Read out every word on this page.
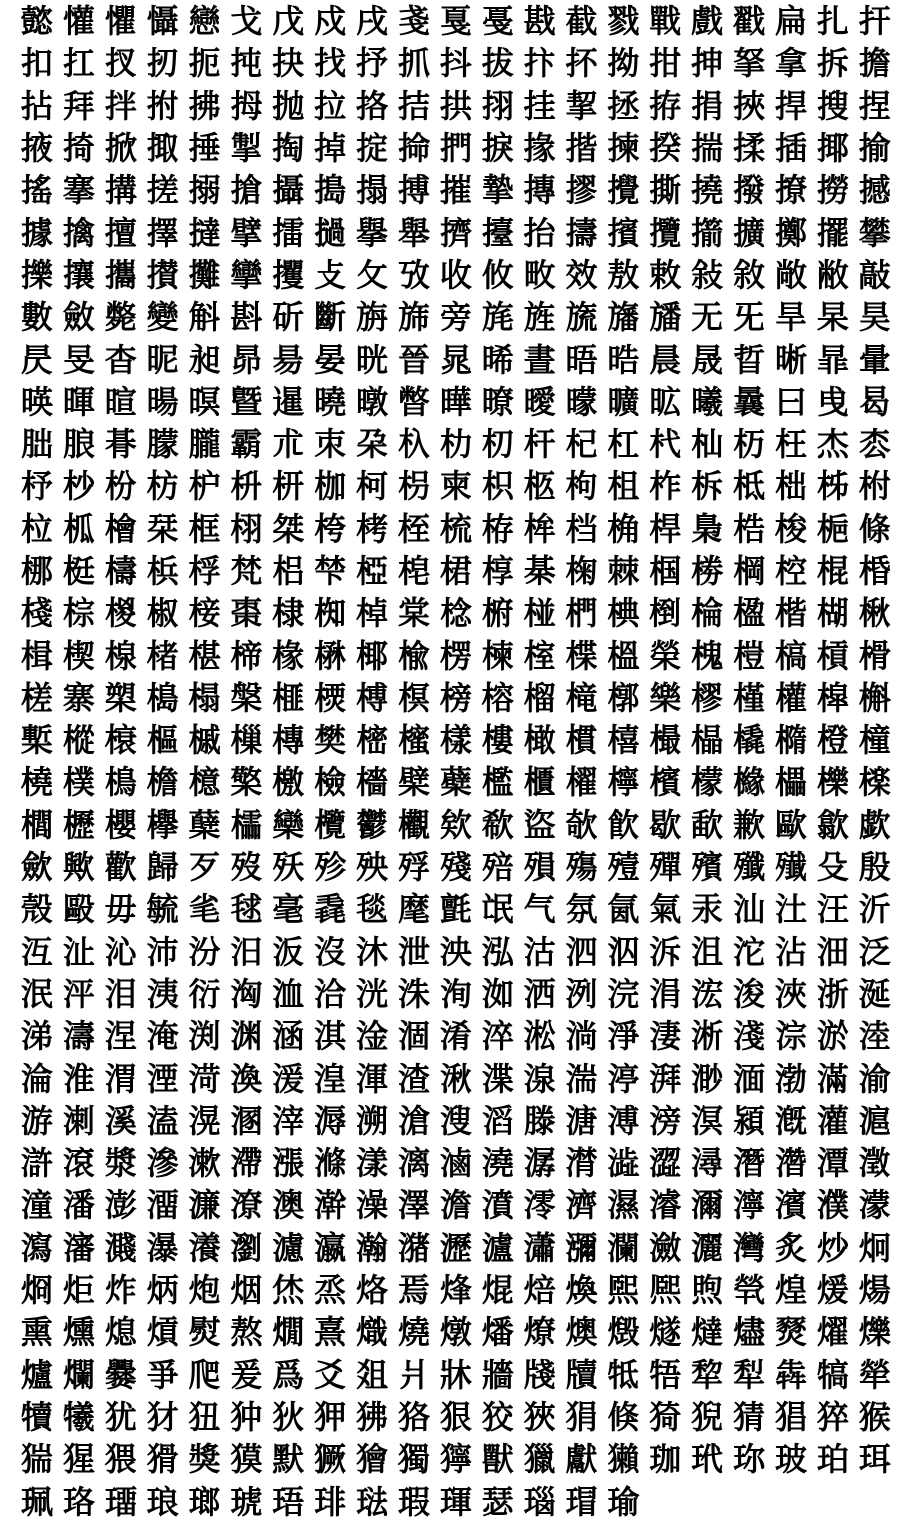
懿 懽 懼 懾 戀 戈 戊 戍 戌 戔 戛 戞 戡 截 戮 戰 戲 戳 扁 扎 扞
扣 扛 扠 扨 扼 扽 抉 找 抒 抓 抖 拔 抃 抔 拗 拑 抻 拏 拿 拆 擔
拈 拜 拌 拊 拂 拇 抛 拉 挌 拮 拱 挧 挂 挈 拯 拵 捐 挾 捍 搜 捏
掖 掎 掀 掫 捶 掣 掏 掉 掟 掵 捫 捩 掾 揩 揀 揆 揣 揉 插 揶 揄
搖 搴 搆 搓 搦 搶 攝 搗 搨 搏 摧 摯 摶 摎 攪 撕 撓 撥 撩 撈 撼
據 擒 擅 擇 撻 擘 擂 撾 擧 舉 擠 擡 抬 擣 擯 攬 擶 擴 擲 擺 攀
擽 攘 攜 攅 攤 攣 攫 攴 攵 攷 收 攸 畋 效 敖 敕 敍 敘 敞 敝 敲
數 斂 斃 變 斛 斟 斫 斷 旃 旆 旁 旄 旌 旒 旛 旙 无 旡 旱 杲 昊
昃 旻 杳 昵 昶 昴 昜 晏 晄 晉 晁 晞 晝 晤 晧 晨 晟 晢 晰 暃 暈
暎 暉 暄 暘 暝 曁 暹 曉 暾 暼 曄 暸 曖 曚 曠 昿 曦 曩 曰 曵 曷
朏 朖 朞 朦 朧 霸 朮 朿 朶 杁 朸 朷 杆 杞 杠 杙 杣 杤 枉 杰 枩
杼 杪 枌 枋 枦 枡 枅 枷 柯 枴 柬 枳 柩 枸 柤 柞 柝 柢 柮 柹 柎
柆 柧 檜 栞 框 栩 桀 桍 栲 桎 梳 栫 桙 档 桷 桿 梟 梏 梭 梔 條
梛 梃 檮 梹 桴 梵 梠 梺 椏 梍 桾 椁 棊 椈 棘 椢 椦 棡 椌 棍 棔
棧 棕 椶 椒 椄 棗 棣 椥 棹 棠 棯 椨 椪 椚 椣 椡 棆 楹 楷 楜 楸
楫 楔 楾 楮 椹 楴 椽 楙 椰 楡 楞 楝 榁 楪 榲 榮 槐 榿 槁 槓 榾
槎 寨 槊 槝 榻 槃 榧 樮 榑 榠 榜 榕 榴 槞 槨 樂 樛 槿 權 槹 槲
槧 樅 榱 樞 槭 樔 槫 樊 樒 櫁 樣 樓 橄 樌 橲 樶 橸 橇 橢 橙 橦
橈 樸 樢 檐 檍 檠 檄 檢 檣 檗 蘗 檻 櫃 櫂 檸 檳 檬 櫞 櫑 櫟 檪
櫚 櫪 櫻 欅 蘖 櫺 欒 欖 鬱 欟 欸 欷 盜 欹 飮 歇 歃 歉 歐 歙 歔
歛 歟 歡 歸 歹 歿 殀 殄 殃 殍 殘 殕 殞 殤 殪 殫 殯 殲 殱 殳 殷
殼 毆 毋 毓 毟 毬 毫 毳 毯 麾 氈 氓 气 氛 氤 氣 汞 汕 汢 汪 沂
沍 沚 沁 沛 汾 汨 汳 沒 沐 泄 泱 泓 沽 泗 泅 泝 沮 沱 沾 沺 泛
泯 泙 泪 洟 衍 洶 洫 洽 洸 洙 洵 洳 洒 洌 浣 涓 浤 浚 浹 浙 涎
涕 濤 涅 淹 渕 渊 涵 淇 淦 涸 淆 淬 淞 淌 淨 淒 淅 淺 淙 淤 淕
淪 淮 渭 湮 渮 渙 湲 湟 渾 渣 湫 渫 湶 湍 渟 湃 渺 湎 渤 滿 渝
游 溂 溪 溘 滉 溷 滓 溽 溯 滄 溲 滔 滕 溏 溥 滂 溟 潁 漑 灌 滬
滸 滾 漿 滲 漱 滯 漲 滌 漾 漓 滷 澆 潺 潸 澁 澀 潯 潛 濳 潭 澂
潼 潘 澎 澑 濂 潦 澳 澣 澡 澤 澹 濆 澪 濟 濕 濬 濔 濘 濱 濮 濛
瀉 瀋 濺 瀑 瀁 瀏 濾 瀛 瀚 潴 瀝 瀘 瀟 瀰 瀾 瀲 灑 灣 炙 炒 炯
烱 炬 炸 炳 炮 烟 烋 烝 烙 焉 烽 焜 焙 煥 煕 熈 煦 煢 煌 煖 煬
熏 燻 熄 熕 熨 熬 燗 熹 熾 燒 燉 燔 燎 燠 燬 燧 燵 燼 燹 燿 爍
爐 爛 爨 爭 爬 爰 爲 爻 爼 爿 牀 牆 牋 牘 牴 牾 犂 犁 犇 犒 犖
犢 犧 犹 犲 狃 狆 狄 狎 狒 狢 狠 狡 狹 狷 倏 猗 猊 猜 猖 猝 猴
猯 猩 猥 猾 獎 獏 默 獗 獪 獨 獰 獸 獵 獻 獺 珈 玳 珎 玻 珀 珥
珮 珞 璢 琅 瑯 琥 珸 琲 琺 瑕 琿 瑟 瑙 瑁 瑜
